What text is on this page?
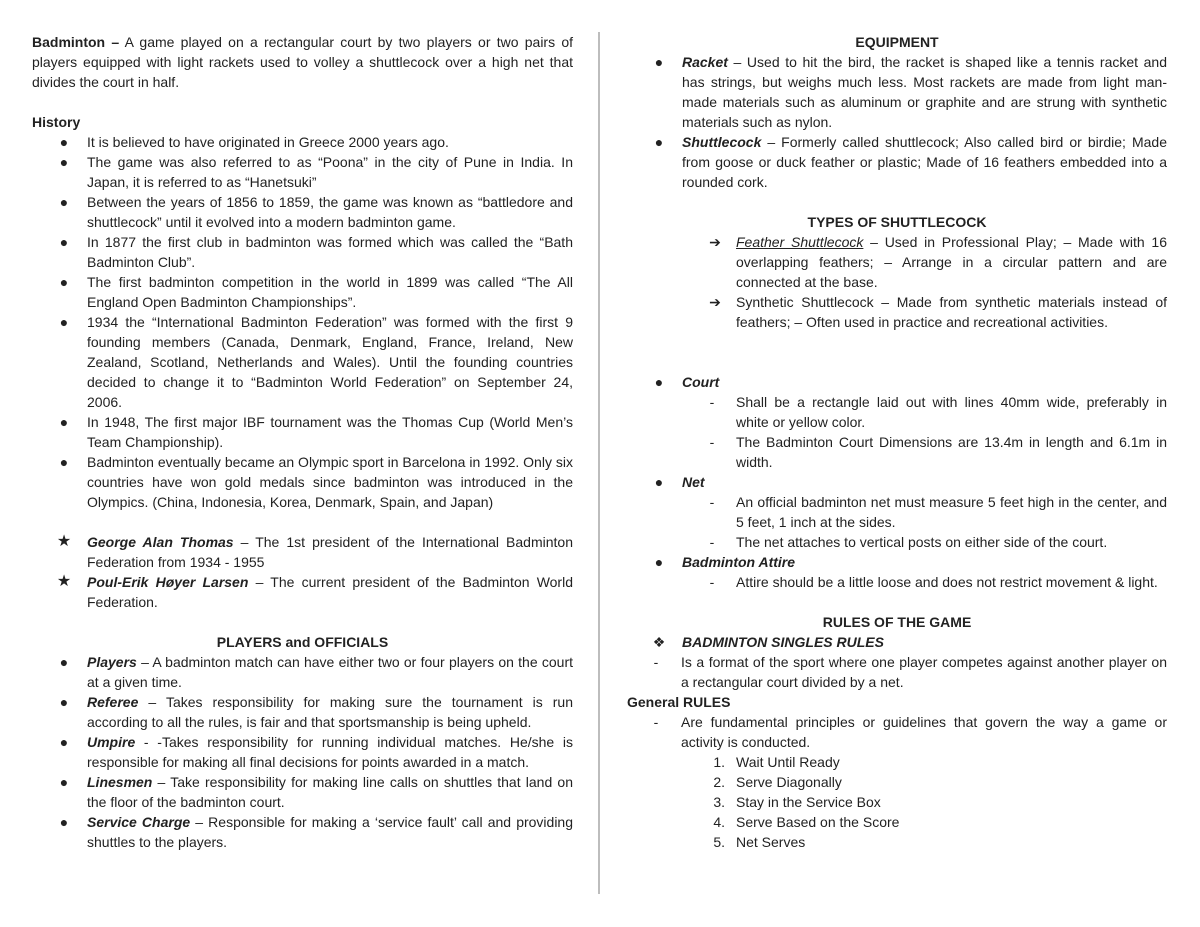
Badminton – A game played on a rectangular court by two players or two pairs of players equipped with light rackets used to volley a shuttlecock over a high net that divides the court in half.

History

●	It is believed to have originated in Greece 2000 years ago.
●	The game was also referred to as “Poona” in the city of Pune in India. In Japan, it is referred to as “Hanetsuki”
●	Between the years of 1856 to 1859, the game was known as “battledore and shuttlecock” until it evolved into a modern badminton game.
●	In 1877 the first club in badminton was formed which was called the “Bath Badminton Club”.
●	The first badminton competition in the world in 1899 was called “The All England Open Badminton Championships”.
●	1934 the “International Badminton Federation” was formed with the first 9 founding members (Canada, Denmark, England, France, Ireland, New Zealand, Scotland, Netherlands and Wales). Until the founding countries decided to change it to “Badminton World Federation” on September 24, 2006.
●	In 1948, The first major IBF tournament was the Thomas Cup (World Men’s Team Championship).
●	Badminton eventually became an Olympic sport in Barcelona in 1992. Only six countries have won gold medals since badminton was introduced in the Olympics. (China, Indonesia, Korea, Denmark, Spain, and Japan)
★ George Alan Thomas – The 1st president of the International Badminton Federation from 1934 - 1955
★ Poul-Erik Høyer Larsen – The current president of the Badminton World Federation.

PLAYERS and OFFICIALS

●	Players – A badminton match can have either two or four players on the court at a given time.
●	Referee – Takes responsibility for making sure the tournament is run according to all the rules, is fair and that sportsmanship is being upheld.
●	Umpire - -Takes responsibility for running individual matches. He/she is responsible for making all final decisions for points awarded in a match.
●	Linesmen – Take responsibility for making line calls on shuttles that land on the floor of the badminton court.
●	Service Charge – Responsible for making a ‘service fault’ call and providing shuttles to the players.

EQUIPMENT

●	Racket – Used to hit the bird, the racket is shaped like a tennis racket and has strings, but weighs much less. Most rackets are made from light man-made materials such as aluminum or graphite and are strung with synthetic materials such as nylon.
●	Shuttlecock – Formerly called shuttlecock; Also called bird or birdie; Made from goose or duck feather or plastic; Made of 16 feathers embedded into a rounded cork.

TYPES OF SHUTTLECOCK

➔ Feather Shuttlecock – Used in Professional Play; – Made with 16 overlapping feathers; – Arrange in a circular pattern and are connected at the base.
➔ Synthetic Shuttlecock – Made from synthetic materials instead of feathers; – Often used in practice and recreational activities.
●	Court
-	Shall be a rectangle laid out with lines 40mm wide, preferably in white or yellow color.
-	The Badminton Court Dimensions are 13.4m in length and 6.1m in width.
●	Net
-	An official badminton net must measure 5 feet high in the center, and 5 feet, 1 inch at the sides.
-	The net attaches to vertical posts on either side of the court.
●	Badminton Attire
-	Attire should be a little loose and does not restrict movement & light.

RULES OF THE GAME

❖ BADMINTON SINGLES RULES
-	Is a format of the sport where one player competes against another player on a rectangular court divided by a net.

General RULES

-	Are fundamental principles or guidelines that govern the way a game or activity is conducted.
1. Wait Until Ready
2. Serve Diagonally
3. Stay in the Service Box
4. Serve Based on the Score
5. Net Serves
